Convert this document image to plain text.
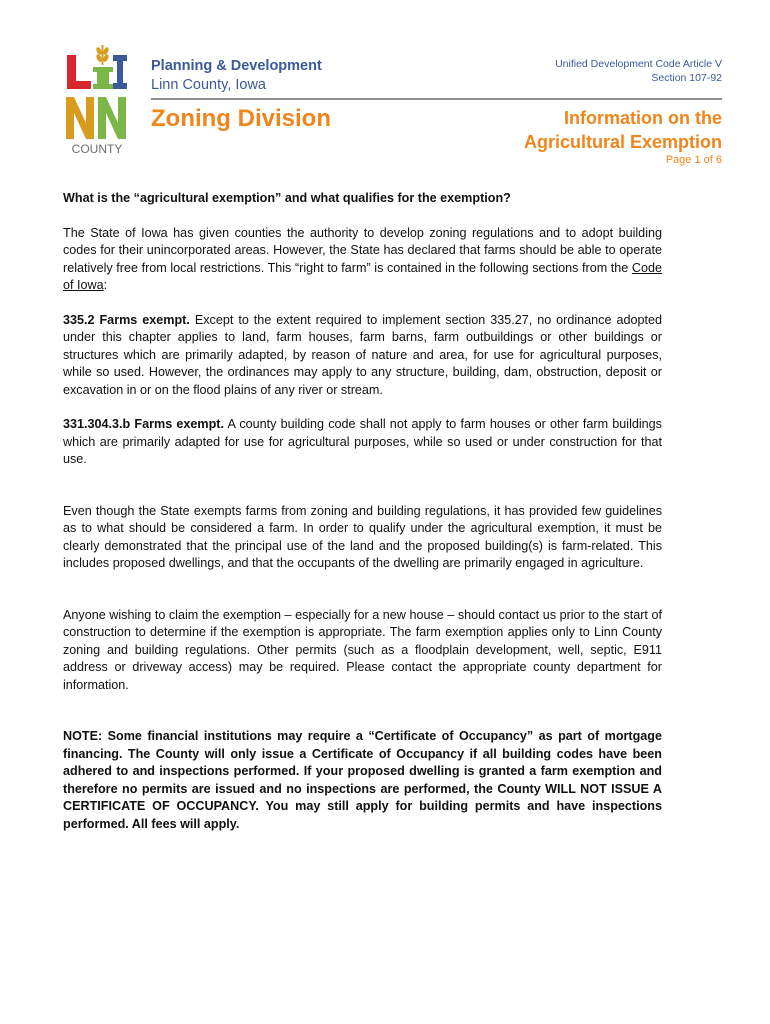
COUNTY
Planning & Development
Linn County, Iowa
Unified Development Code Article V
Section 107-92
Zoning Division	Information on the
Agricultural Exemption
Page 1 of 6

What is the “agricultural exemption” and what qualifies for the exemption?

The State of Iowa has given counties the authority to develop zoning regulations and to adopt building codes for their unincorporated areas. However, the State has declared that farms should be able to operate relatively free from local restrictions. This “right to farm” is contained in the following sections from the Code of Iowa:

335.2 Farms exempt. Except to the extent required to implement section 335.27, no ordinance adopted under this chapter applies to land, farm houses, farm barns, farm outbuildings or other buildings or structures which are primarily adapted, by reason of nature and area, for use for agricultural purposes, while so used. However, the ordinances may apply to any structure, building, dam, obstruction, deposit or excavation in or on the flood plains of any river or stream.

331.304.3.b Farms exempt. A county building code shall not apply to farm houses or other farm buildings which are primarily adapted for use for agricultural purposes, while so used or under construction for that use.

Even though the State exempts farms from zoning and building regulations, it has provided few guidelines as to what should be considered a farm. In order to qualify under the agricultural exemption, it must be clearly demonstrated that the principal use of the land and the proposed building(s) is farm-related. This includes proposed dwellings, and that the occupants of the dwelling are primarily engaged in agriculture.

Anyone wishing to claim the exemption – especially for a new house – should contact us prior to the start of construction to determine if the exemption is appropriate. The farm exemption applies only to Linn County zoning and building regulations. Other permits (such as a floodplain development, well, septic, E911 address or driveway access) may be required. Please contact the appropriate county department for information.

NOTE: Some financial institutions may require a “Certificate of Occupancy” as part of mortgage financing. The County will only issue a Certificate of Occupancy if all building codes have been adhered to and inspections performed. If your proposed dwelling is granted a farm exemption and therefore no permits are issued and no inspections are performed, the County WILL NOT ISSUE A CERTIFICATE OF OCCUPANCY. You may still apply for building permits and have inspections performed. All fees will apply.
